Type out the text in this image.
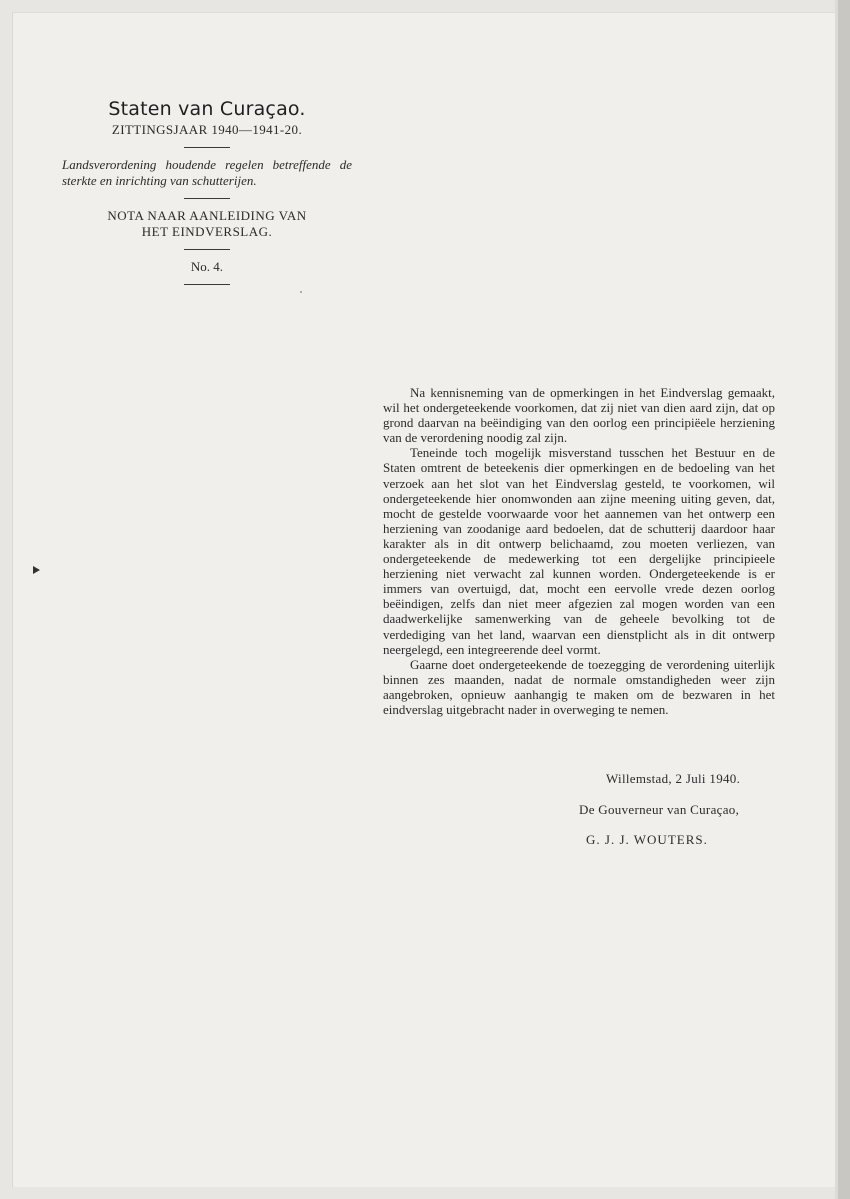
Staten van Curaçao.
ZITTINGSJAAR 1940—1941-20.
Landsverordening houdende regelen betreffende de sterkte en inrichting van schutterijen.
NOTA NAAR AANLEIDING VAN
HET EINDVERSLAG.
No. 4.

Na kennisneming van de opmerkingen in het Eindverslag gemaakt, wil het ondergeteekende voorkomen, dat zij niet van dien aard zijn, dat op grond daarvan na beëindiging van den oorlog een principiëele herziening van de verordening noodig zal zijn.

Teneinde toch mogelijk misverstand tusschen het Bestuur en de Staten omtrent de beteekenis dier opmerkingen en de bedoeling van het verzoek aan het slot van het Eindverslag gesteld, te voorkomen, wil ondergeteekende hier onomwonden aan zijne meening uiting geven, dat, mocht de gestelde voorwaarde voor het aannemen van het ontwerp een herziening van zoodanige aard bedoelen, dat de schutterij daardoor haar karakter als in dit ontwerp belichaamd, zou moeten verliezen, van ondergeteekende de medewerking tot een dergelijke principieele herziening niet verwacht zal kunnen worden. Ondergeteekende is er immers van overtuigd, dat, mocht een eervolle vrede dezen oorlog beëindigen, zelfs dan niet meer afgezien zal mogen worden van een daadwerkelijke samenwerking van de geheele bevolking tot de verdediging van het land, waarvan een dienstplicht als in dit ontwerp neergelegd, een integreerende deel vormt.

Gaarne doet ondergeteekende de toezegging de verordening uiterlijk binnen zes maanden, nadat de normale omstandigheden weer zijn aangebroken, opnieuw aanhangig te maken om de bezwaren in het eindverslag uitgebracht nader in overweging te nemen.

Willemstad, 2 Juli 1940.
De Gouverneur van Curaçao,
G. J. J. WOUTERS.
